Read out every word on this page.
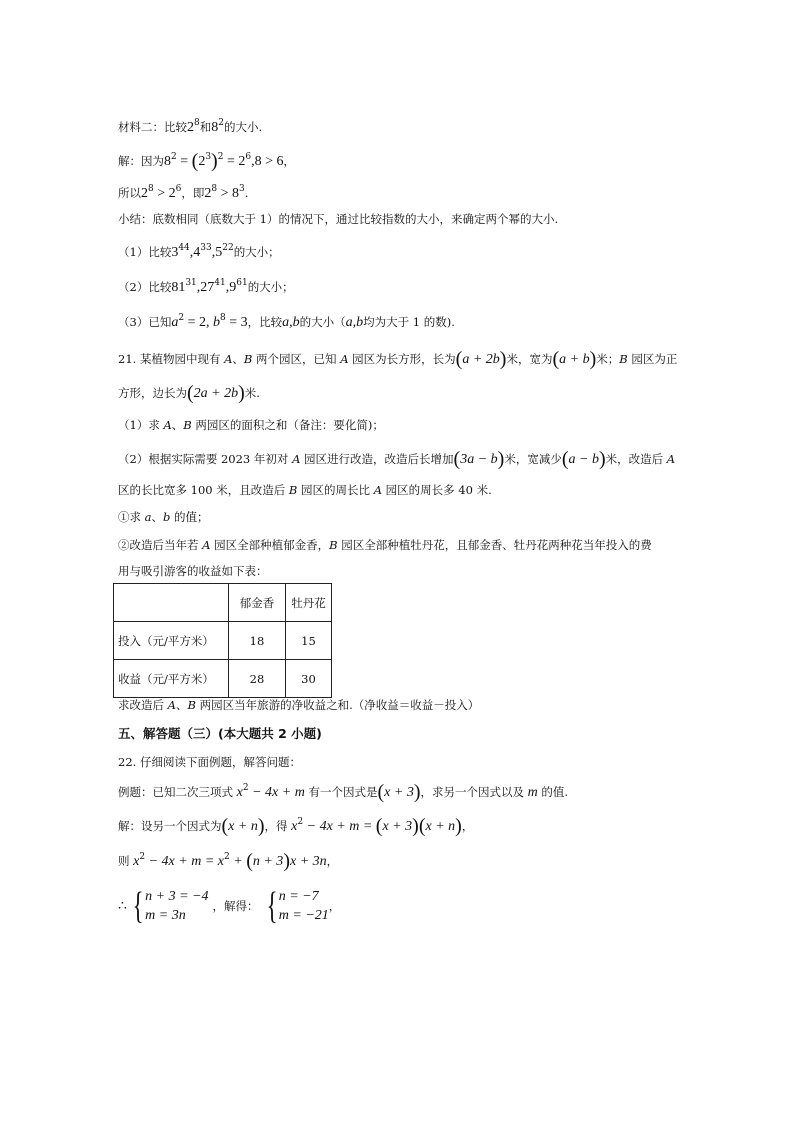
材料二：比较$2^8$和$8^2$的大小.
解：因为$8^2 = (2^3)^2 = 2^6,8 > 6$，
所以$2^8 > 2^6$，即$2^8 > 8^3$.
小结：底数相同（底数大于 1）的情况下，通过比较指数的大小，来确定两个幂的大小.
（1）比较$3^{44},4^{33},5^{22}$的大小；
（2）比较$81^{31},27^{41},9^{61}$的大小；
（3）已知$a^2 = 2$, $b^8 = 3$，比较a,b的大小（a,b均为大于 1 的数).
21. 某植物园中现有 A、B 两个园区，已知 A 园区为长方形，长为(a + 2b)米，宽为(a + b)米；B 园区为正
方形，边长为(2a + 2b)米.
（1）求 A、B 两园区的面积之和（备注：要化简)；
（2）根据实际需要 2023 年初对 A 园区进行改造，改造后长增加(3a − b)米，宽减少(a − b)米，改造后 A
区的长比宽多 100 米，且改造后 B 园区的周长比 A 园区的周长多 40 米.
①求 a、b 的值；
②改造后当年若 A 园区全部种植郁金香，B 园区全部种植牡丹花，且郁金香、牡丹花两种花当年投入的费
用与吸引游客的收益如下表：
	郁金香	牡丹花
投入（元/平方米）	18	15
收益（元/平方米）	28	30
求改造后 A、B 两园区当年旅游的净收益之和.（净收益＝收益－投入）
五、解答题（三）(本大题共 2 小题)
22. 仔细阅读下面例题，解答问题：
例题：已知二次三项式 $x^2 - 4x + m$ 有一个因式是(x + 3)，求另一个因式以及 m 的值.
解：设另一个因式为(x + n)，得 $x^2 - 4x + m = (x + 3)(x + n)$，
则 $x^2 - 4x + m = x^2 + (n + 3)x + 3n$，
∴ { n + 3 = −4
m = 3n
，解得： { n = −7
m = −21
，
